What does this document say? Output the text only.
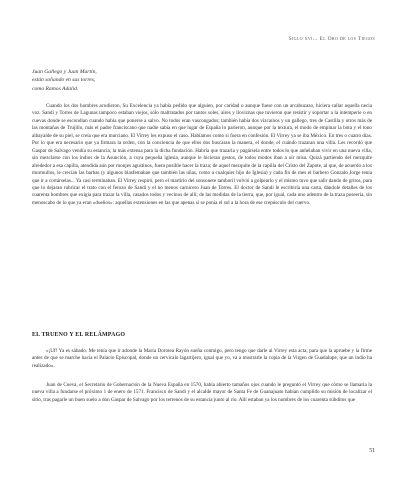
Siglo xvi... El Oro de los Tiegos
Juan Gallego y Juan Martín,
están soñando en sus torres,
como Ramos Adalid.

Cuando los dos hombres acudieron, Su Excelencia ya había pedido que alguien, por caridad o aunque fuese con un arcabuzazo, hiciera callar aquella necia voz. Sandi y Torres de Lagunas tampoco estaban viejos, sólo maltratados por tantos soles, aires y lloviznas que tuvieron que resistir y soportar a la intemperie o en cuevas donde se escondían cuando había que ponerse a salvo. No todos eran vascongados; también había dos vizcaínos y un gallego, tres de Castilla y otros más de las montañas de Trujillo, más el padre franciscano que nadie sabía en que lugar de España lo parieron, aunque por la textura, el modo de empinar la bota y el tono albayalde de su piel, se creía que era murciano. El Virrey les expuso el caso. Habíamos como si fuera en confesión. El Virrey ya se iba México. En tres o cuatro días. Por lo que era necesario que ya firmara la orden, con la conciencia de que ellos dos buscaran la manera, el donde, el cuándo trazaran una villa. Les recordó que Gaspar de Salvago vendía su estancia, la más extensa para la dicha fundación. Habría que trazarla y pagársela entre todos lo que anhelaban vivir en una nueva villa, sin mezclarse con los indios de la Asunción, a cuya pequeña iglesia, aunque le hicieran gestos, de todos modos iban a oír misa. Quizá partiendo del mezquite alrededor a esa capilla, atendida aún por monjes agustinos, fuera posible hacer la traza; de aquel mezquite de la capilla del Cristo del Zapote, al que, de acuerdo a los murmullos, le crecían las barbas (y algunos blasfemaban que también las uñas, como a cualquier hijo de Iglesia) y cada fin de mes el barbero Gonzalo Jorge tenía que ir a cortárselas... Ya casi terminaban. El Virrey respiró, pero el martirio del sonsonete tamboril volvió a golpearlo y el mismo tuvo que salir dando de gritos, para que lo dejaran rubricar el trato con el ferozo de Sandi y el no menos carnicero Juan de Torres. El doctor de Sandi le escribiría una carta, dándole detalles de los cuarenta hombres que exigía para trazar la villa, casados todos y vecinos de allí; de las medidas de la tierra, que, por igual, cada uno adentro de la traza poseería, sin menoscabo de lo que ya eran «dueños»: aquellas extensiones en las que apenas sí se ponía el sol a la hora de ese crepúsculo del cuervo.

EL TRUENO Y EL RELÁMPAGO

«¡Uf! Ya es sábado. Me tenía que ir adonde la María Dorotea Rayón sueña conmigo, pero tengo que darle al Virrey esta acta, para que la apruebe y la firme antes de que se marche hacia el Palacio Episcopal, donde un cervicalo lagartijero, igual que yo, va a mostrarle la copia de la Virgen de Guadalupe, que un indio ha realizado».

Juan de Cueva, el Secretario de Gobernación de la Nueva España en 1570, había abierto tamaños ojos cuando le preguntó el Virrey que cómo se llamaría la nueva villa a fundarse el próximo 1 de enero de 1571. Francisco de Sandi y el alcalde mayor de Santa Fe de Guanajuato habían cumplido su misión de localizar el sitio, tras pagarle un buen suelo a don Gaspar de Salvago por los terrenos de su estancia junto al río. Allí estaban ya los nombres de los cuarenta súbditos que

51
